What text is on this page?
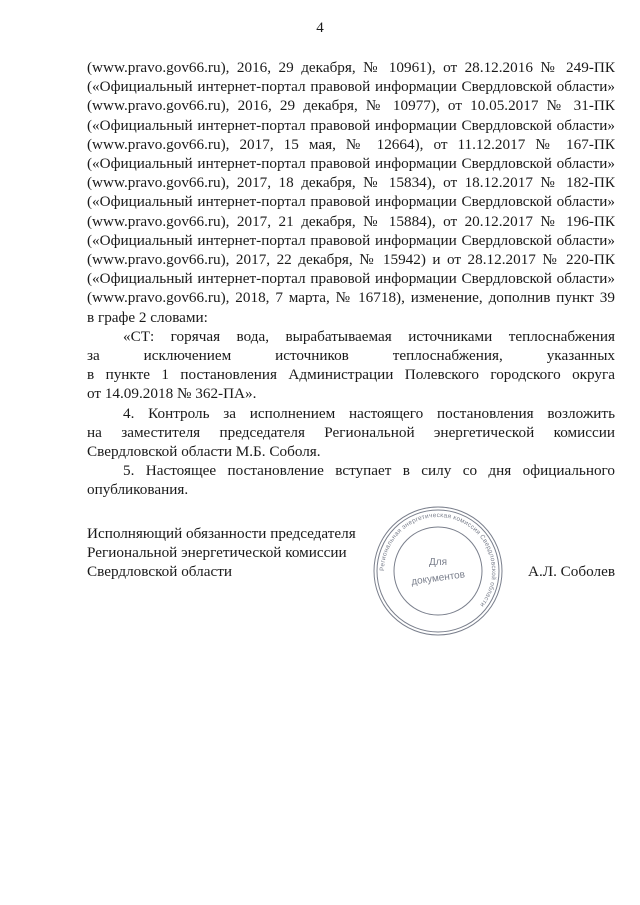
4
(www.pravo.gov66.ru), 2016, 29 декабря, № 10961), от 28.12.2016 № 249-ПК
(«Официальный интернет-портал правовой информации Свердловской области»
(www.pravo.gov66.ru), 2016, 29 декабря, № 10977), от 10.05.2017 № 31-ПК
(«Официальный интернет-портал правовой информации Свердловской области»
(www.pravo.gov66.ru), 2017, 15 мая, № 12664), от 11.12.2017 № 167-ПК
(«Официальный интернет-портал правовой информации Свердловской области»
(www.pravo.gov66.ru), 2017, 18 декабря, № 15834), от 18.12.2017 № 182-ПК
(«Официальный интернет-портал правовой информации Свердловской области»
(www.pravo.gov66.ru), 2017, 21 декабря, № 15884), от 20.12.2017 № 196-ПК
(«Официальный интернет-портал правовой информации Свердловской области»
(www.pravo.gov66.ru), 2017, 22 декабря, № 15942) и от 28.12.2017 № 220-ПК
(«Официальный интернет-портал правовой информации Свердловской области»
(www.pravo.gov66.ru), 2018, 7 марта, № 16718), изменение, дополнив пункт 39
в графе 2 словами:
«СТ: горячая вода, вырабатываемая источниками теплоснабжения
за исключением источников теплоснабжения, указанных
в пункте 1 постановления Администрации Полевского городского округа
от 14.09.2018 № 362-ПА».
4. Контроль за исполнением настоящего постановления возложить
на заместителя председателя Региональной энергетической комиссии
Свердловской области М.Б. Соболя.
5. Настоящее постановление вступает в силу со дня официального
опубликования.
Исполняющий обязанности председателя
Региональной энергетической комиссии
Свердловской области	А.Л. Соболев
Региональная энергетическая комиссия Свердловской области
Для
документов
